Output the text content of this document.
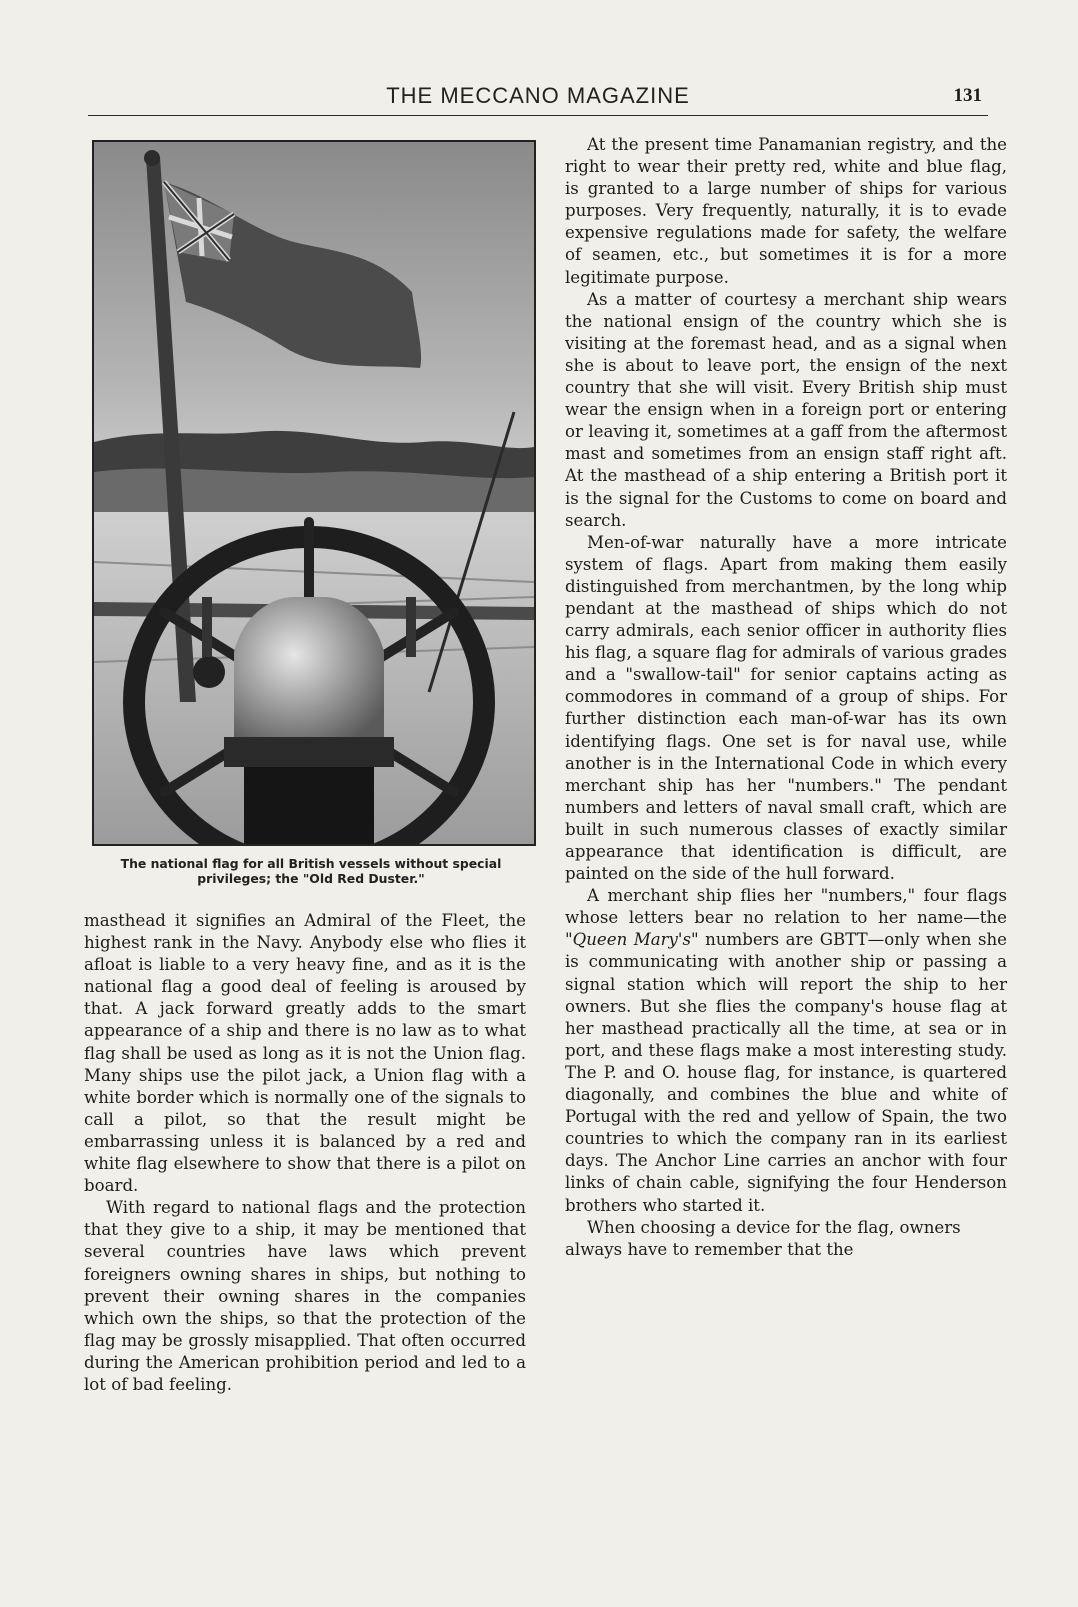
THE MECCANO MAGAZINE	131
The national flag for all British vessels without special
privileges; the "Old Red Duster."

masthead it signifies an Admiral of the Fleet, the highest rank in the Navy. Anybody else who flies it afloat is liable to a very heavy fine, and as it is the national flag a good deal of feeling is aroused by that. A jack forward greatly adds to the smart appearance of a ship and there is no law as to what flag shall be used as long as it is not the Union flag. Many ships use the pilot jack, a Union flag with a white border which is normally one of the signals to call a pilot, so that the result might be embarrassing unless it is balanced by a red and white flag elsewhere to show that there is a pilot on board.

With regard to national flags and the protection that they give to a ship, it may be mentioned that several countries have laws which prevent foreigners owning shares in ships, but nothing to prevent their owning shares in the companies which own the ships, so that the protection of the flag may be grossly misapplied. That often occurred during the American prohibition period and led to a lot of bad feeling.

At the present time Panamanian registry, and the right to wear their pretty red, white and blue flag, is granted to a large number of ships for various purposes. Very frequently, naturally, it is to evade expensive regulations made for safety, the welfare of seamen, etc., but sometimes it is for a more legitimate purpose.

As a matter of courtesy a merchant ship wears the national ensign of the country which she is visiting at the foremast head, and as a signal when she is about to leave port, the ensign of the next country that she will visit. Every British ship must wear the ensign when in a foreign port or entering or leaving it, sometimes at a gaff from the aftermost mast and sometimes from an ensign staff right aft. At the masthead of a ship entering a British port it is the signal for the Customs to come on board and search.

Men-of-war naturally have a more intricate system of flags. Apart from making them easily distinguished from merchantmen, by the long whip pendant at the masthead of ships which do not carry admirals, each senior officer in authority flies his flag, a square flag for admirals of various grades and a "swallow-tail" for senior captains acting as commodores in command of a group of ships. For further distinction each man-of-war has its own identifying flags. One set is for naval use, while another is in the International Code in which every merchant ship has her "numbers." The pendant numbers and letters of naval small craft, which are built in such numerous classes of exactly similar appearance that identification is difficult, are painted on the side of the hull forward.

A merchant ship flies her "numbers," four flags whose letters bear no relation to her name—the "Queen Mary's" numbers are GBTT—only when she is communicating with another ship or passing a signal station which will report the ship to her owners. But she flies the company's house flag at her masthead practically all the time, at sea or in port, and these flags make a most interesting study. The P. and O. house flag, for instance, is quartered diagonally, and combines the blue and white of Portugal with the red and yellow of Spain, the two countries to which the company ran in its earliest days. The Anchor Line carries an anchor with four links of chain cable, signifying the four Henderson brothers who started it.

When choosing a device for the flag, owners always have to remember that the
